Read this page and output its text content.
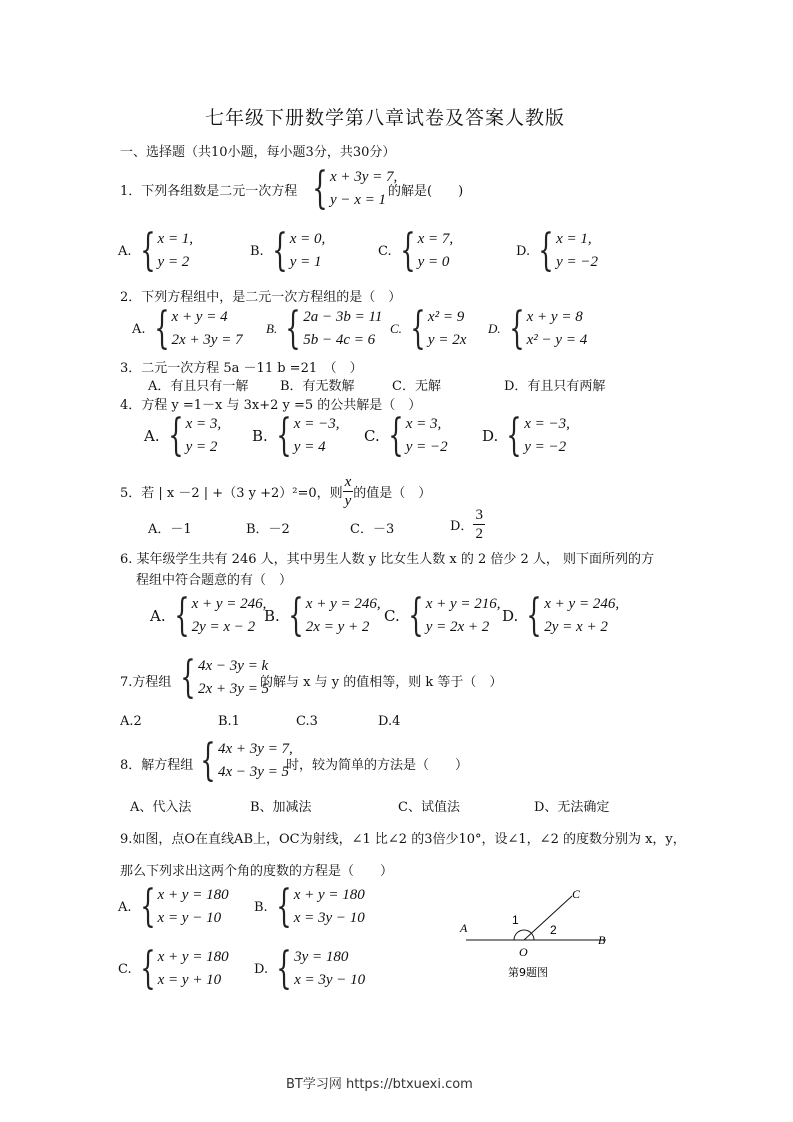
七年级下册数学第八章试卷及答案人教版
一、选择题（共10小题，每小题3分，共30分）
1．下列各组数是二元一次方程 { x + 3y = 7,
y − x = 1
的解是(　　)
A. { x = 1,
y = 2
B. { x = 0,
y = 1
C. { x = 7,
y = 0
D. { x = 1,
y = −2
2．下列方程组中，是二元一次方程组的是（　）
A. { x + y = 4
2x + 3y = 7
B. { 2a − 3b = 11
5b − 4c = 6
C. { x² = 9
y = 2x
D. { x + y = 8
x² − y = 4
3．二元一次方程 5a －11 b =21　（　）
A．有且只有一解 B．有无数解	C．无解	D．有且只有两解
4．方程 y =1－x 与 3x+2 y =5 的公共解是（　）
A. { x = 3,
y = 2
B. { x = −3,
y = 4
C. { x = 3,
y = −2
D. { x = −3,
y = −2
5．若 | x －2 | +（3 y +2）²=0，则 $\frac{x}{y}$ 的值是（　）
A．－1	B．－2	C．－3	D． $\frac{3}{2}$
6. 某年级学生共有 246 人，其中男生人数 y 比女生人数 x 的 2 倍少 2 人， 则下面所列的方
程组中符合题意的有（　）
A. { x + y = 246,
2y = x − 2
B. { x + y = 246,
2x = y + 2
C. { x + y = 216,
y = 2x + 2
D. { x + y = 246,
2y = x + 2
7.方程组 { 4x − 3y = k
2x + 3y = 5
的解与 x 与 y 的值相等，则 k 等于（　）
A.2	B.1	C.3	D.4
8．解方程组 { 4x + 3y = 7,
4x − 3y = 5
时，较为简单的方法是（　　）
A、代入法	B、加减法	C、试值法	D、无法确定
9.如图，点O在直线AB上，OC为射线，∠1 比∠2 的3倍少10°，设∠1，∠2 的度数分别为 x，y，
那么下列求出这两个角的度数的方程是（　　）
A. { x + y = 180
x = y − 10
B. { x + y = 180
x = 3y − 10
C. { x + y = 180
x = y + 10
D. { 3y = 180
x = 3y − 10
A
B
C
O
1
2
第9题图
BT学习网 https://btxuexi.com
